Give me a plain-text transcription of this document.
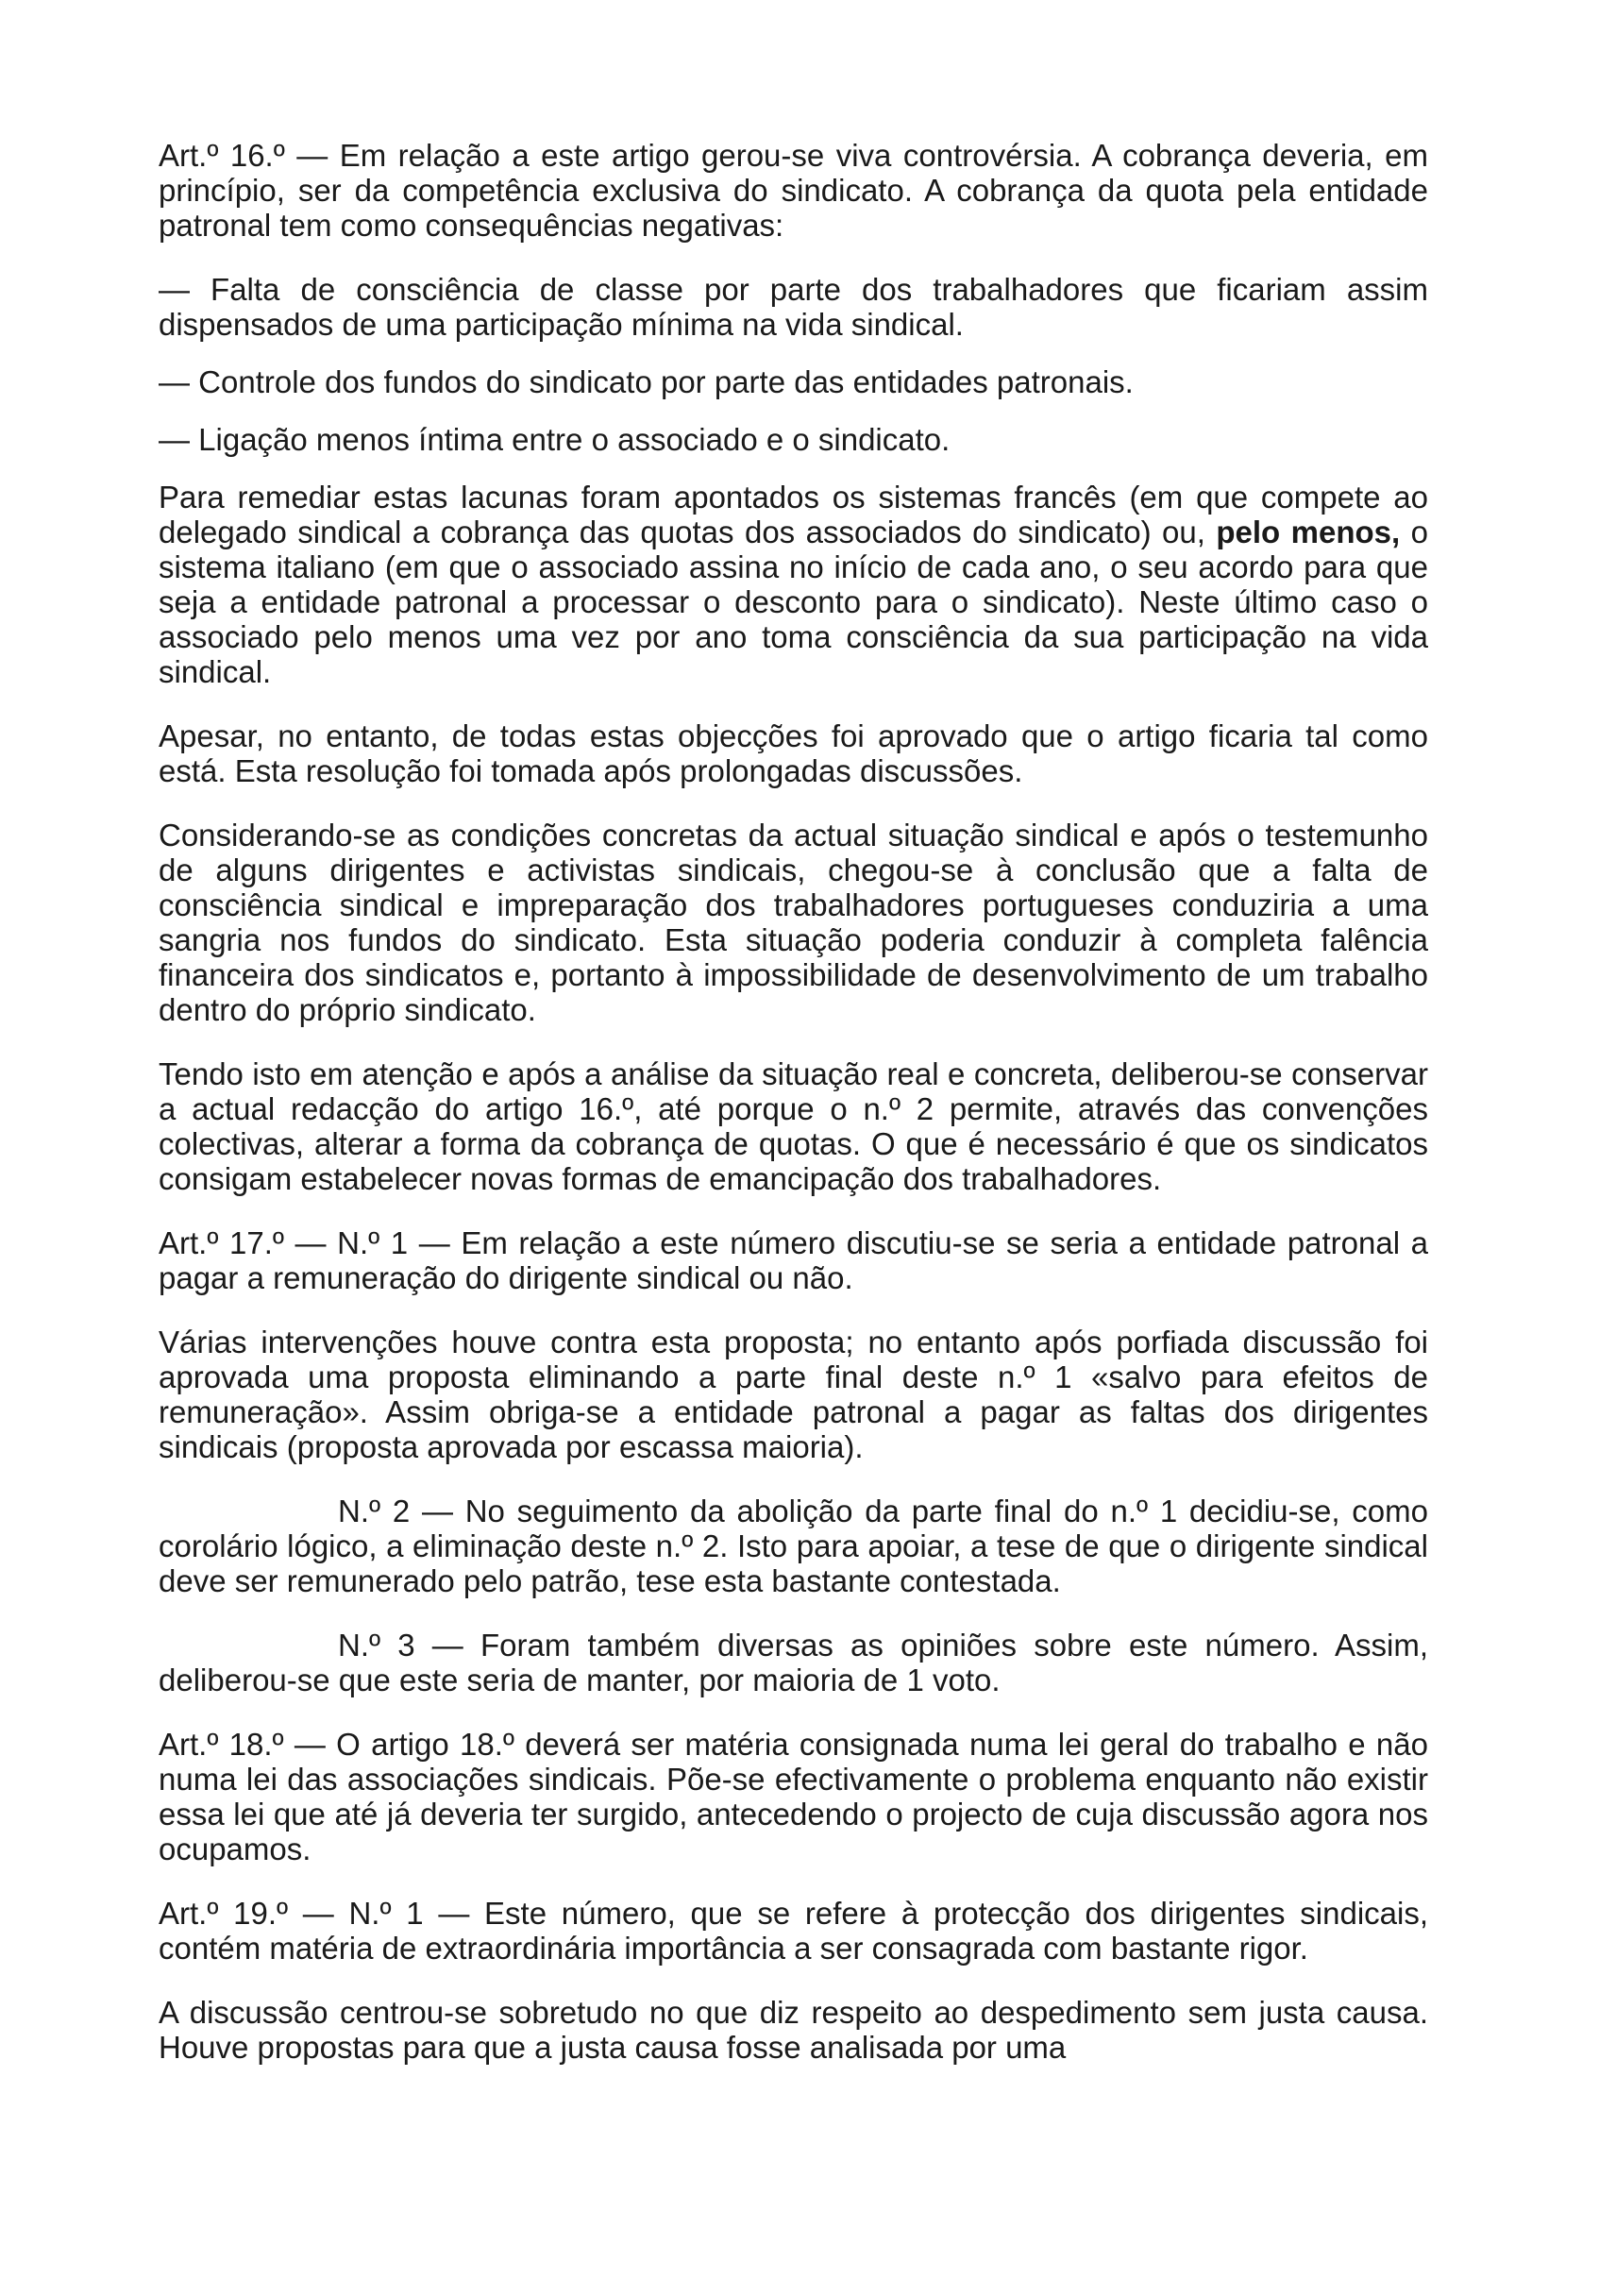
Art.º 16.º — Em relação a este artigo gerou-se viva controvérsia. A cobrança deveria, em princípio, ser da competência exclusiva do sindicato. A cobrança da quota pela entidade patronal tem como consequências negativas:

— Falta de consciência de classe por parte dos trabalhadores que ficariam assim dispensados de uma participação mínima na vida sindical.

— Controle dos fundos do sindicato por parte das entidades patronais.

— Ligação menos íntima entre o associado e o sindicato.

Para remediar estas lacunas foram apontados os sistemas francês (em que compete ao delegado sindical a cobrança das quotas dos associados do sindicato) ou, pelo menos, o sistema italiano (em que o associado assina no início de cada ano, o seu acordo para que seja a entidade patronal a processar o desconto para o sindicato). Neste último caso o associado pelo menos uma vez por ano toma consciência da sua participação na vida sindical.

Apesar, no entanto, de todas estas objecções foi aprovado que o artigo ficaria tal como está. Esta resolução foi tomada após prolongadas discussões.

Considerando-se as condições concretas da actual situação sindical e após o testemunho de alguns dirigentes e activistas sindicais, chegou-se à conclusão que a falta de consciência sindical e impreparação dos trabalhadores portugueses conduziria a uma sangria nos fundos do sindicato. Esta situação poderia conduzir à completa falência financeira dos sindicatos e, portanto à impossibilidade de desenvolvimento de um trabalho dentro do próprio sindicato.

Tendo isto em atenção e após a análise da situação real e concreta, deliberou-se conservar a actual redacção do artigo 16.º, até porque o n.º 2 permite, através das convenções colectivas, alterar a forma da cobrança de quotas. O que é necessário é que os sindicatos consigam estabelecer novas formas de emancipação dos trabalhadores.

Art.º 17.º — N.º 1 — Em relação a este número discutiu-se se seria a entidade patronal a pagar a remuneração do dirigente sindical ou não.

Várias intervenções houve contra esta proposta; no entanto após porfiada discussão foi aprovada uma proposta eliminando a parte final deste n.º 1 «salvo para efeitos de remuneração». Assim obriga-se a entidade patronal a pagar as faltas dos dirigentes sindicais (proposta aprovada por escassa maioria).

N.º 2 — No seguimento da abolição da parte final do n.º 1 decidiu-se, como corolário lógico, a eliminação deste n.º 2. Isto para apoiar, a tese de que o dirigente sindical deve ser remunerado pelo patrão, tese esta bastante contestada.

N.º 3 — Foram também diversas as opiniões sobre este número. Assim, deliberou-se que este seria de manter, por maioria de 1 voto.

Art.º 18.º — O artigo 18.º deverá ser matéria consignada numa lei geral do trabalho e não numa lei das associações sindicais. Põe-se efectivamente o problema enquanto não existir essa lei que até já deveria ter surgido, antecedendo o projecto de cuja discussão agora nos ocupamos.

Art.º 19.º — N.º 1 — Este número, que se refere à protecção dos dirigentes sindicais, contém matéria de extraordinária importância a ser consagrada com bastante rigor.

A discussão centrou-se sobretudo no que diz respeito ao despedimento sem justa causa. Houve propostas para que a justa causa fosse analisada por uma
